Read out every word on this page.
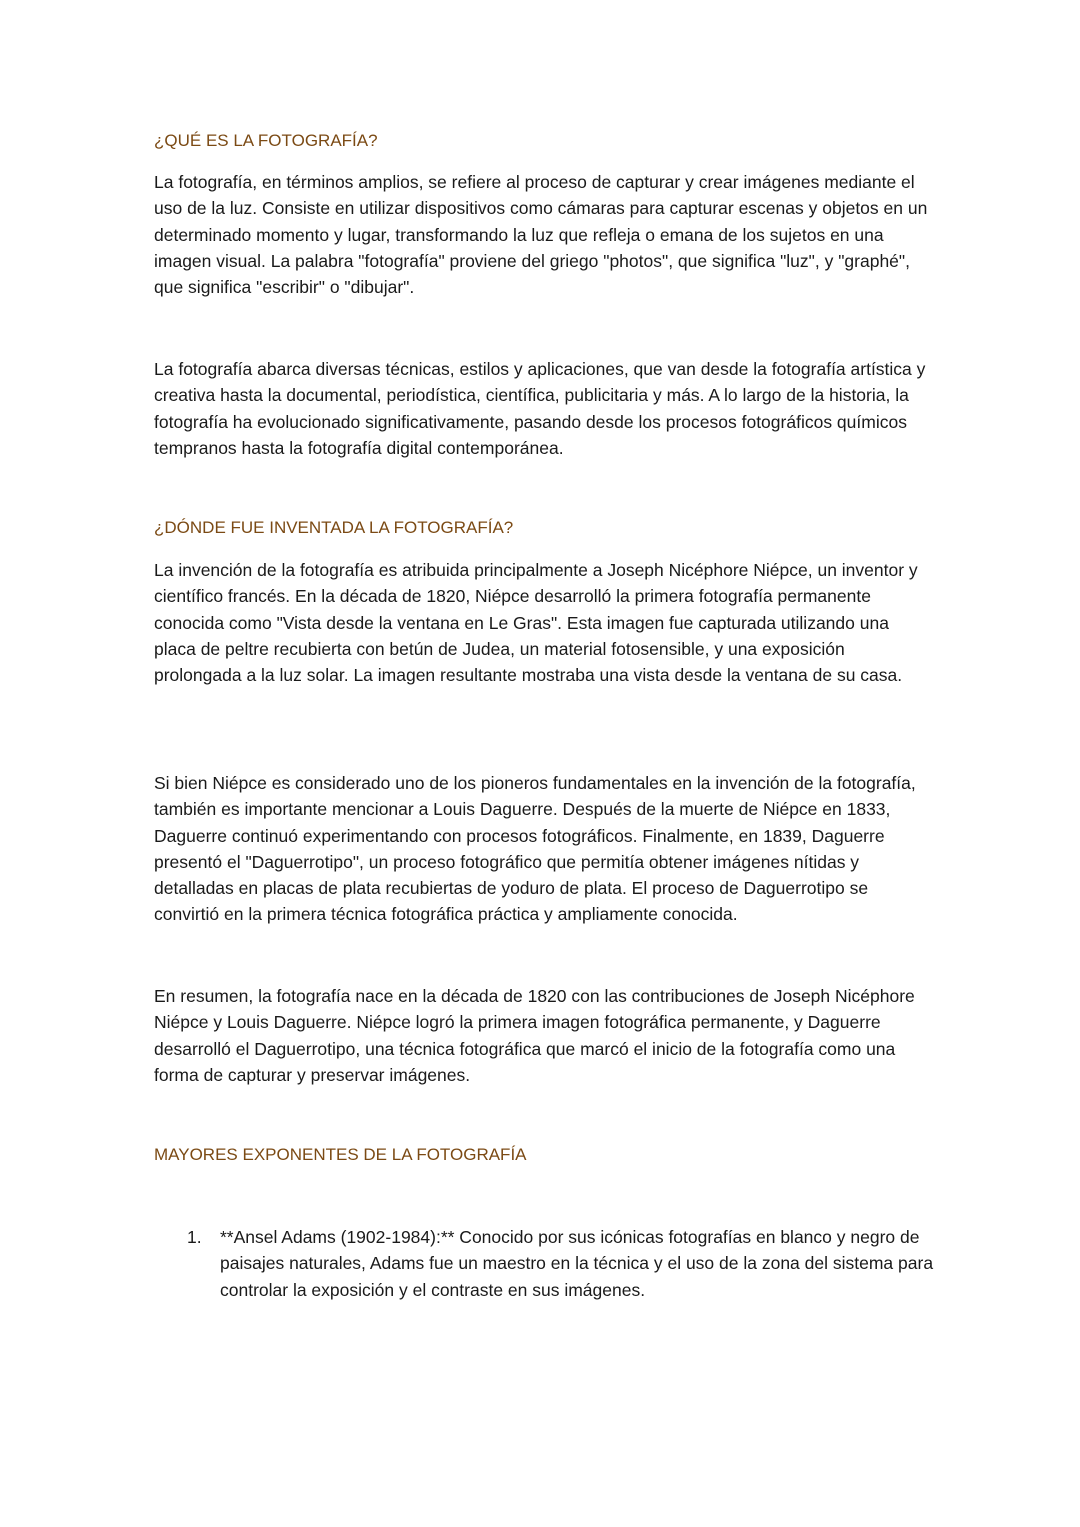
¿QUÉ ES LA FOTOGRAFÍA?

La fotografía, en términos amplios, se refiere al proceso de capturar y crear imágenes mediante el uso de la luz. Consiste en utilizar dispositivos como cámaras para capturar escenas y objetos en un determinado momento y lugar, transformando la luz que refleja o emana de los sujetos en una imagen visual. La palabra "fotografía" proviene del griego "photos", que significa "luz", y "graphé", que significa "escribir" o "dibujar".

La fotografía abarca diversas técnicas, estilos y aplicaciones, que van desde la fotografía artística y creativa hasta la documental, periodística, científica, publicitaria y más. A lo largo de la historia, la fotografía ha evolucionado significativamente, pasando desde los procesos fotográficos químicos tempranos hasta la fotografía digital contemporánea.

¿DÓNDE FUE INVENTADA LA FOTOGRAFÍA?

La invención de la fotografía es atribuida principalmente a Joseph Nicéphore Niépce, un inventor y científico francés. En la década de 1820, Niépce desarrolló la primera fotografía permanente conocida como "Vista desde la ventana en Le Gras". Esta imagen fue capturada utilizando una placa de peltre recubierta con betún de Judea, un material fotosensible, y una exposición prolongada a la luz solar. La imagen resultante mostraba una vista desde la ventana de su casa.

Si bien Niépce es considerado uno de los pioneros fundamentales en la invención de la fotografía, también es importante mencionar a Louis Daguerre. Después de la muerte de Niépce en 1833, Daguerre continuó experimentando con procesos fotográficos. Finalmente, en 1839, Daguerre presentó el "Daguerrotipo", un proceso fotográfico que permitía obtener imágenes nítidas y detalladas en placas de plata recubiertas de yoduro de plata. El proceso de Daguerrotipo se convirtió en la primera técnica fotográfica práctica y ampliamente conocida.

En resumen, la fotografía nace en la década de 1820 con las contribuciones de Joseph Nicéphore Niépce y Louis Daguerre. Niépce logró la primera imagen fotográfica permanente, y Daguerre desarrolló el Daguerrotipo, una técnica fotográfica que marcó el inicio de la fotografía como una forma de capturar y preservar imágenes.

MAYORES EXPONENTES DE LA FOTOGRAFÍA
1. **Ansel Adams (1902-1984):** Conocido por sus icónicas fotografías en blanco y negro de paisajes naturales, Adams fue un maestro en la técnica y el uso de la zona del sistema para controlar la exposición y el contraste en sus imágenes.
